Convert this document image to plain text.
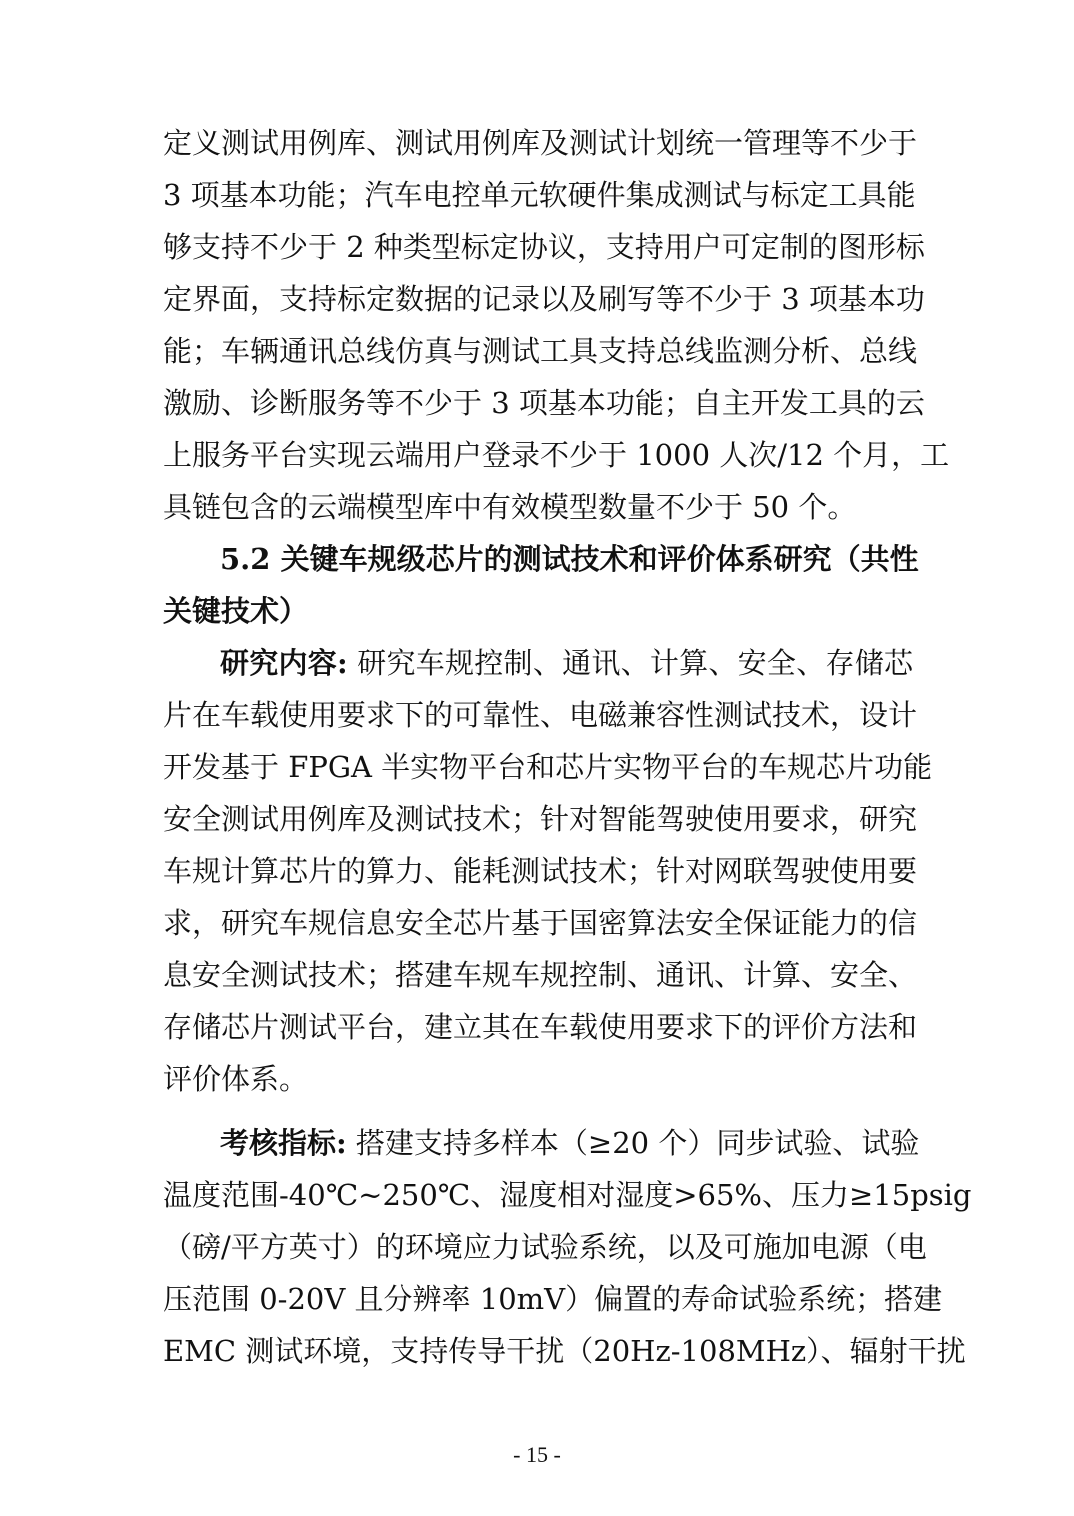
定义测试用例库、测试用例库及测试计划统一管理等不少于
3 项基本功能；汽车电控单元软硬件集成测试与标定工具能
够支持不少于 2 种类型标定协议，支持用户可定制的图形标
定界面，支持标定数据的记录以及刷写等不少于 3 项基本功
能；车辆通讯总线仿真与测试工具支持总线监测分析、总线
激励、诊断服务等不少于 3 项基本功能；自主开发工具的云
上服务平台实现云端用户登录不少于 1000 人次/12 个月，工
具链包含的云端模型库中有效模型数量不少于 50 个。
5.2 关键车规级芯片的测试技术和评价体系研究（共性
关键技术）
研究内容: 研究车规控制、通讯、计算、安全、存储芯
片在车载使用要求下的可靠性、电磁兼容性测试技术，设计
开发基于 FPGA 半实物平台和芯片实物平台的车规芯片功能
安全测试用例库及测试技术；针对智能驾驶使用要求，研究
车规计算芯片的算力、能耗测试技术；针对网联驾驶使用要
求，研究车规信息安全芯片基于国密算法安全保证能力的信
息安全测试技术；搭建车规车规控制、通讯、计算、安全、
存储芯片测试平台，建立其在车载使用要求下的评价方法和
评价体系。
考核指标: 搭建支持多样本（≥20 个）同步试验、试验
温度范围-40℃~250℃、湿度相对湿度>65%、压力≥15psig
（磅/平方英寸）的环境应力试验系统，以及可施加电源（电
压范围 0-20V 且分辨率 10mV）偏置的寿命试验系统；搭建
EMC 测试环境，支持传导干扰（20Hz-108MHz）、辐射干扰
- 15 -
